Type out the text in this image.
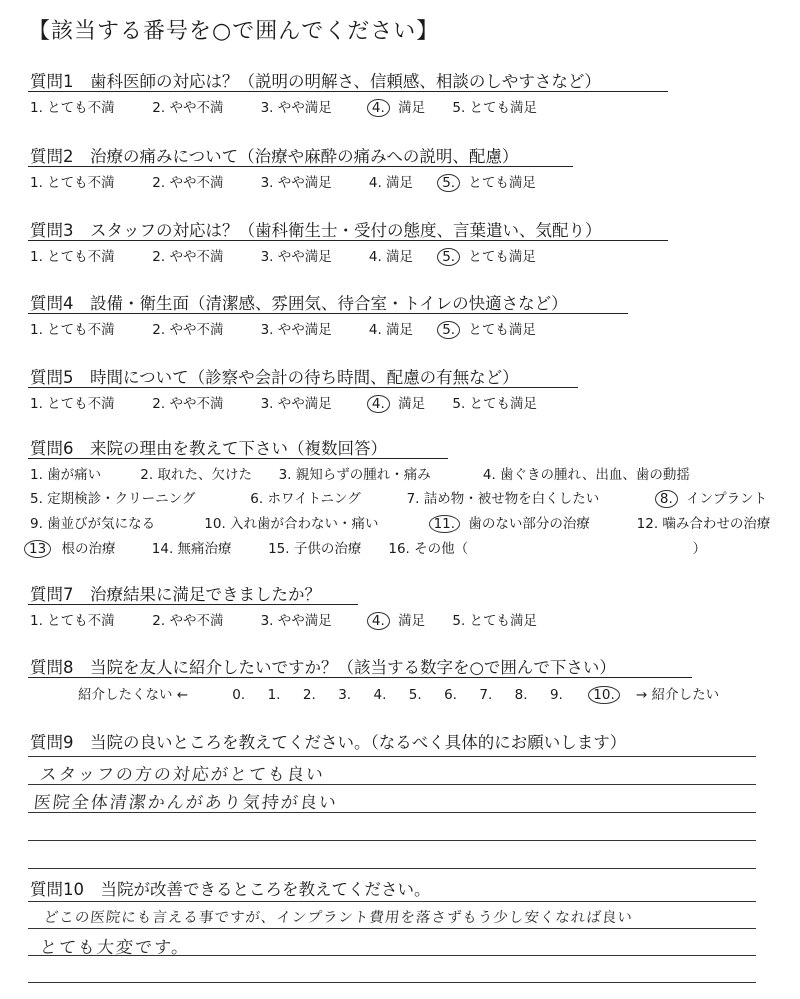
【該当する番号を○で囲んでください】
質問1　歯科医師の対応は？（説明の明解さ、信頼感、相談のしやすさなど）
1. とても不満	2. やや不満	3. やや満足	4. 満足 5. とても満足
質問2　治療の痛みについて（治療や麻酔の痛みへの説明、配慮）
1. とても不満	2. やや不満	3. やや満足	4. 満足 5. とても満足
質問3　スタッフの対応は？（歯科衛生士・受付の態度、言葉遣い、気配り）
1. とても不満	2. やや不満	3. やや満足	4. 満足 5. とても満足
質問4　設備・衛生面（清潔感、雰囲気、待合室・トイレの快適さなど）
1. とても不満	2. やや不満	3. やや満足	4. 満足 5. とても満足
質問5　時間について（診察や会計の待ち時間、配慮の有無など）
1. とても不満	2. やや不満	3. やや満足	4. 満足 5. とても満足
質問6　来院の理由を教えて下さい（複数回答）
1. 歯が痛い	2. 取れた、欠けた 3. 親知らずの腫れ・痛み	4. 歯ぐきの腫れ、出血、歯の動揺
5. 定期検診・クリーニング	6. ホワイトニング	7. 詰め物・被せ物を白くしたい	8. インプラント
9. 歯並びが気になる	10. 入れ歯が合わない・痛い	11. 歯のない部分の治療	12. 噛み合わせの治療
13 根の治療	14. 無痛治療	15. 子供の治療 16. その他（	）
質問7　治療結果に満足できましたか？
1. とても不満	2. やや不満	3. やや満足	4. 満足 5. とても満足
質問8　当院を友人に紹介したいですか？（該当する数字を○で囲んで下さい）
紹介したくない ←	0. 1. 2. 3. 4. 5. 6. 7. 8. 9. 10. → 紹介したい
質問9　当院の良いところを教えてください。（なるべく具体的にお願いします）
スタッフの方の対応がとても良い
医院全体清潔かんがあり気持が良い
質問10　当院が改善できるところを教えてください。
どこの医院にも言える事ですが、インプラント費用を落さずもう少し安くなれば良い
とても大変です。
